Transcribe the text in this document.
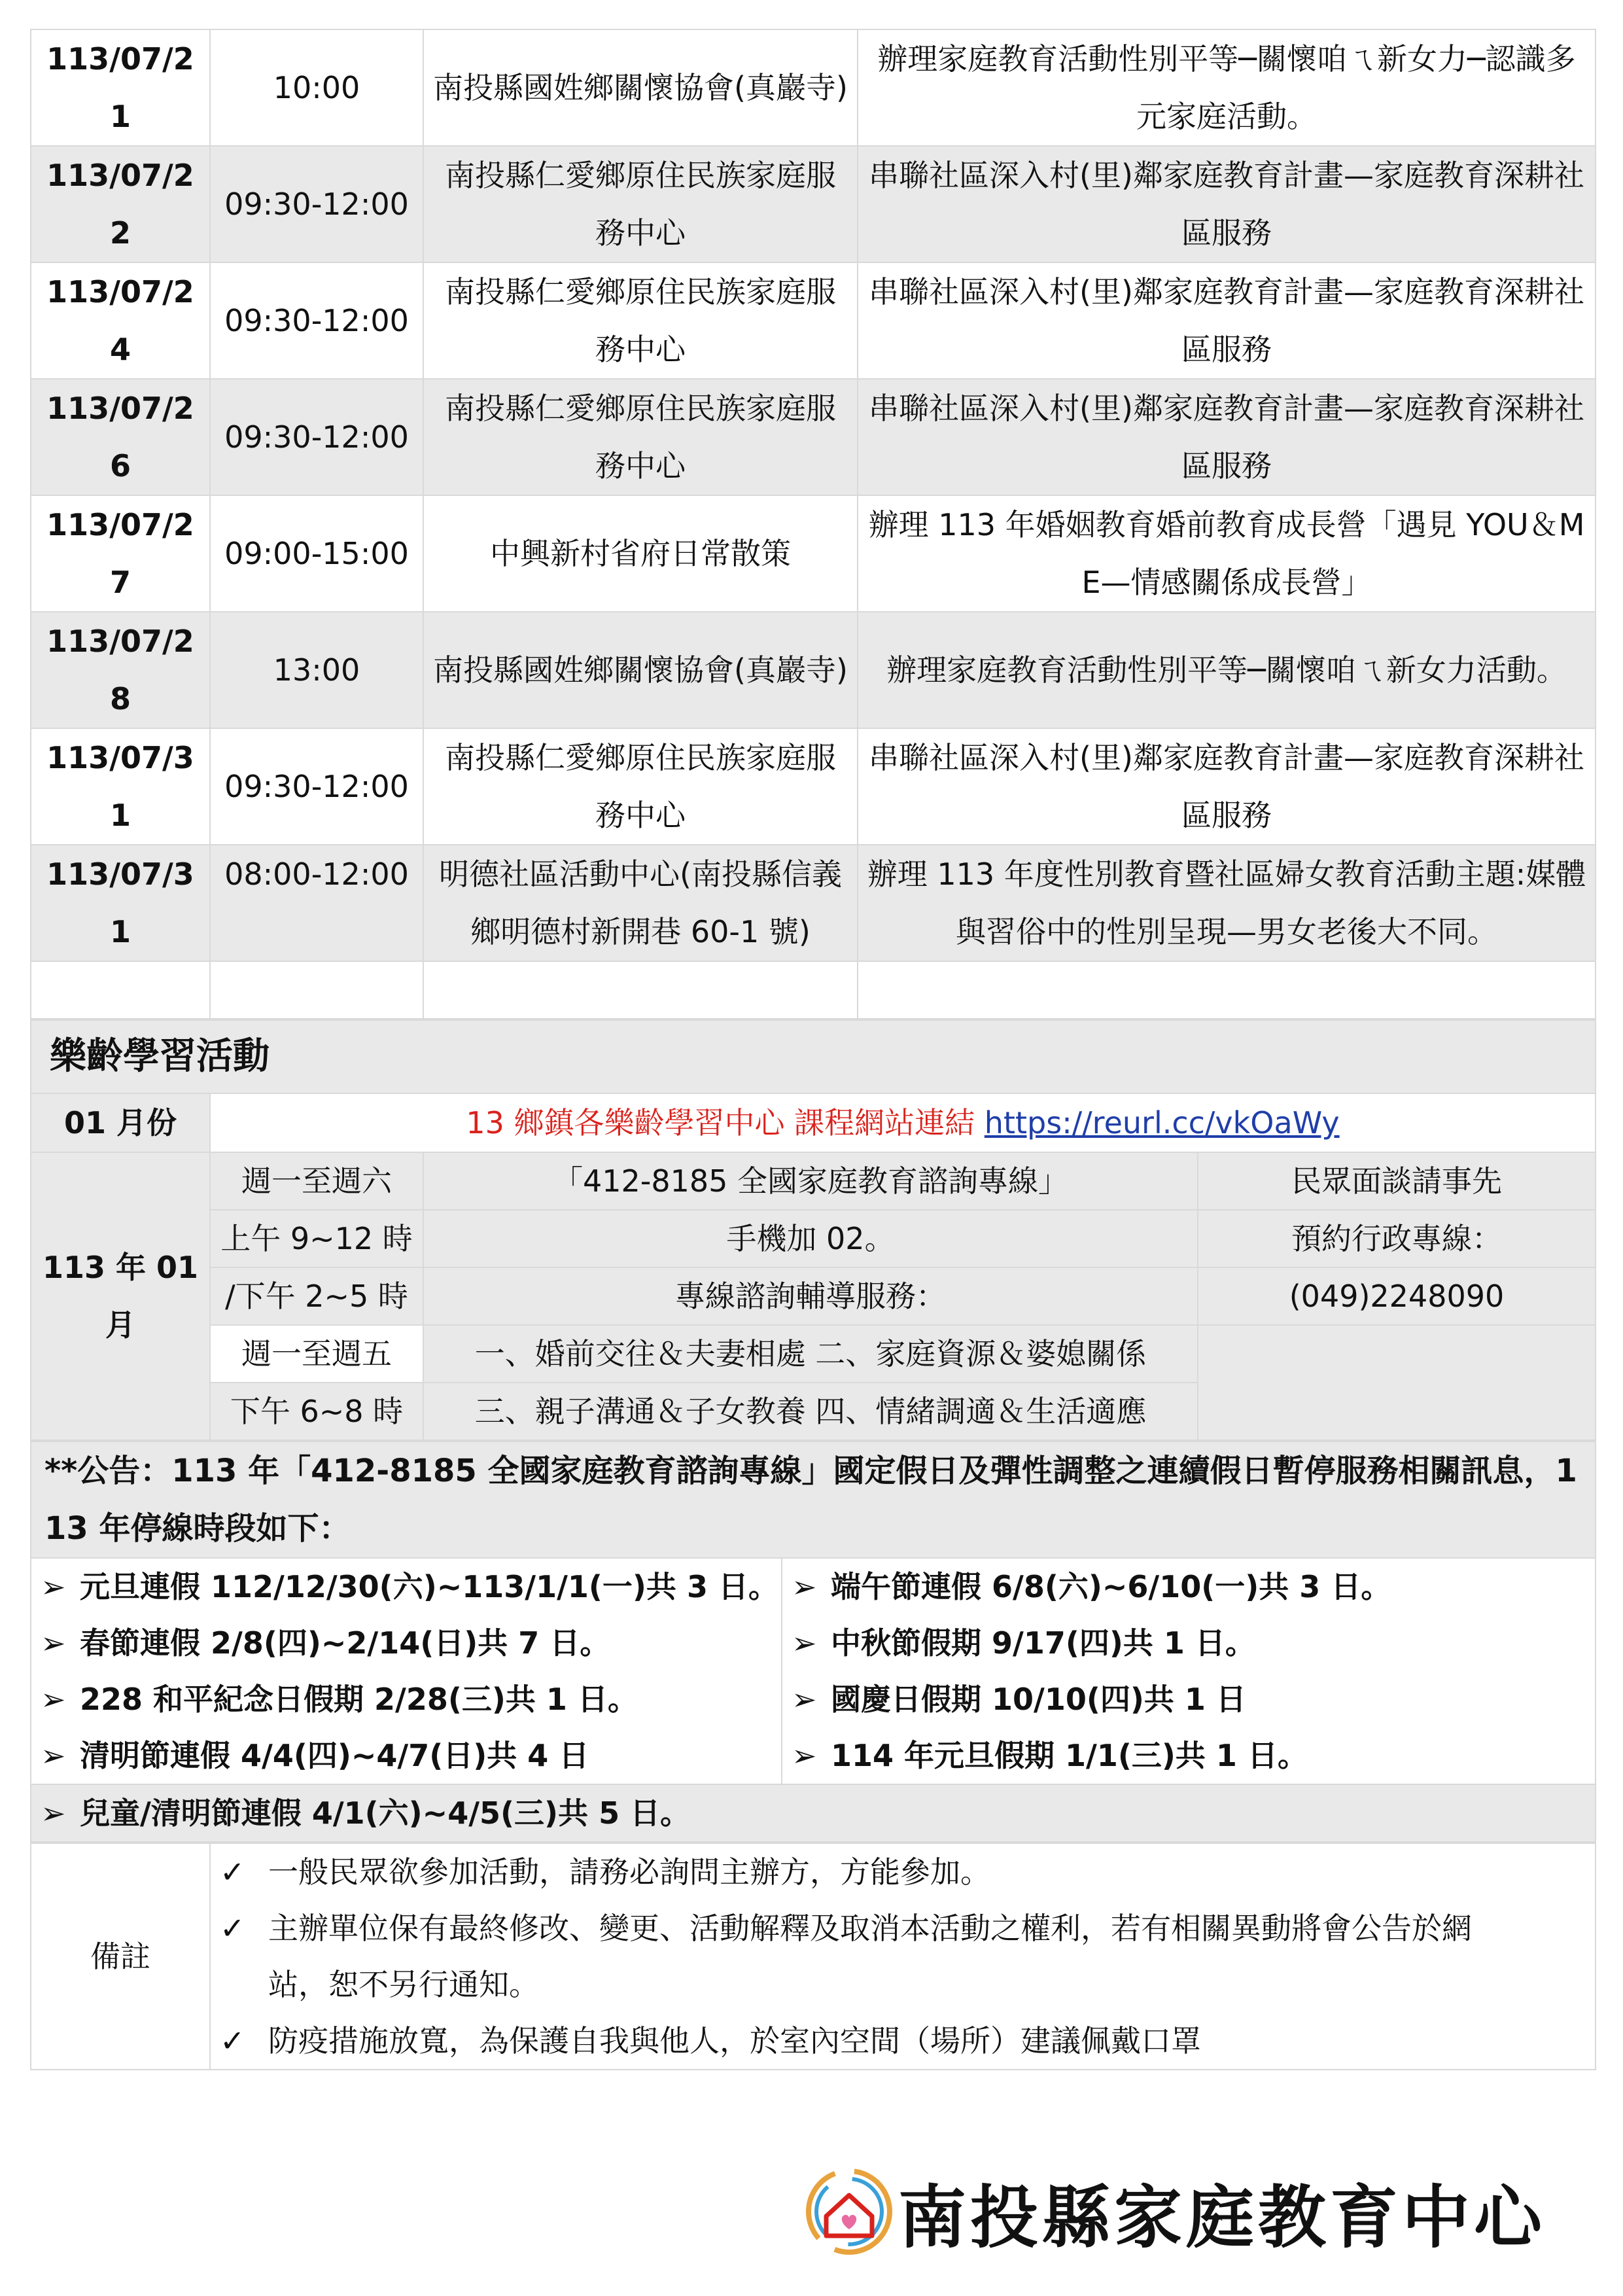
113/07/21	10:00	南投縣國姓鄉關懷協會(真巖寺)	辦理家庭教育活動性別平等─關懷咱ㄟ新女力─認識多元家庭活動。
113/07/22	09:30-12:00	南投縣仁愛鄉原住民族家庭服務中心	串聯社區深入村(里)鄰家庭教育計畫—家庭教育深耕社區服務
113/07/24	09:30-12:00	南投縣仁愛鄉原住民族家庭服務中心	串聯社區深入村(里)鄰家庭教育計畫—家庭教育深耕社區服務
113/07/26	09:30-12:00	南投縣仁愛鄉原住民族家庭服務中心	串聯社區深入村(里)鄰家庭教育計畫—家庭教育深耕社區服務
113/07/27	09:00-15:00	中興新村省府日常散策	辦理 113 年婚姻教育婚前教育成長營「遇見 YOU＆ME—情感關係成長營」
113/07/28	13:00	南投縣國姓鄉關懷協會(真巖寺)	辦理家庭教育活動性別平等─關懷咱ㄟ新女力活動。
113/07/31	09:30-12:00	南投縣仁愛鄉原住民族家庭服務中心	串聯社區深入村(里)鄰家庭教育計畫—家庭教育深耕社區服務
113/07/31	08:00-12:00	明德社區活動中心(南投縣信義鄉明德村新開巷 60-1 號)	辦理 113 年度性別教育暨社區婦女教育活動主題:媒體與習俗中的性別呈現—男女老後大不同。

樂齡學習活動			
01 月份	13 鄉鎮各樂齡學習中心 課程網站連結 https://reurl.cc/vkOaWy		
113 年 01 月	週一至週六	「412-8185 全國家庭教育諮詢專線」	民眾面談請事先
	上午 9~12 時	手機加 02。	預約行政專線：
	/下午 2~5 時	專線諮詢輔導服務：	(049)2248090
	週一至週五	一、婚前交往＆夫妻相處 二、家庭資源＆婆媳關係	
	下午 6~8 時	三、親子溝通＆子女教養 四、情緒調適＆生活適應	
**公告：113 年「412-8185 全國家庭教育諮詢專線」國定假日及彈性調整之連續假日暫停服務相關訊息，113 年停線時段如下：

➢ 元旦連假 112/12/30(六)~113/1/1(一)共 3 日。
➢ 春節連假 2/8(四)~2/14(日)共 7 日。
➢ 228 和平紀念日假期 2/28(三)共 1 日。
➢ 清明節連假 4/4(四)~4/7(日)共 4 日

➢ 端午節連假 6/8(六)~6/10(一)共 3 日。
➢ 中秋節假期 9/17(四)共 1 日。
➢ 國慶日假期 10/10(四)共 1 日
➢ 114 年元旦假期 1/1(三)共 1 日。

➢ 兒童/清明節連假 4/1(六)~4/5(三)共 5 日。
備註	
✓ 一般民眾欲參加活動，請務必詢問主辦方，方能參加。
✓ 主辦單位保有最終修改、變更、活動解釋及取消本活動之權利，若有相關異動將會公告於網
站，恕不另行通知。
✓ 防疫措施放寬，為保護自我與他人，於室內空間（場所）建議佩戴口罩
南投縣家庭教育中心
